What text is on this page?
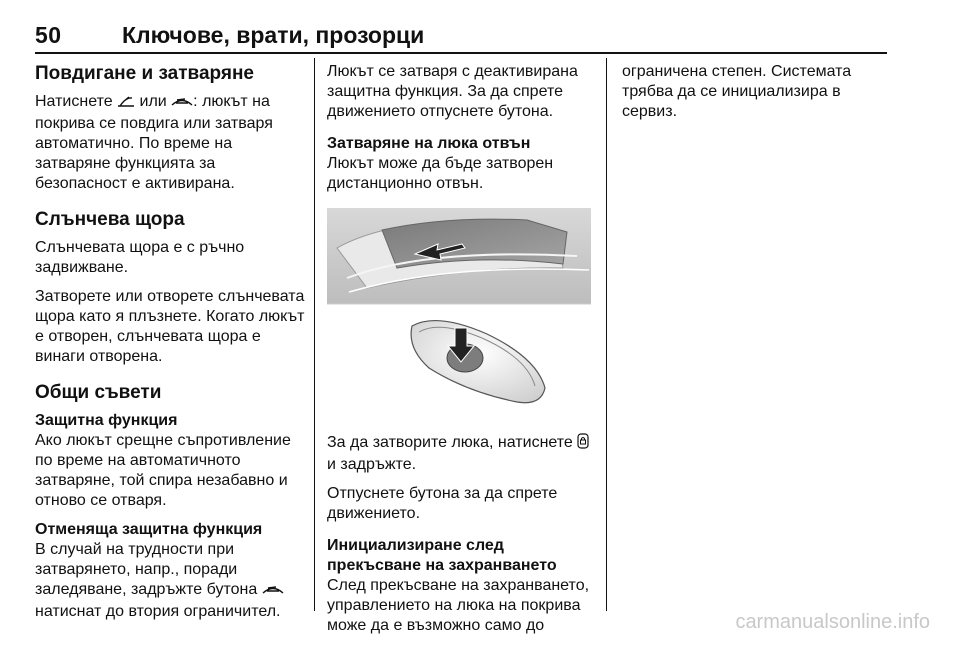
50	Ключове, врати, прозорци
Повдигане и затваряне

Натиснете  или : люкът на покрива се повдига или затваря автоматично. По време на затваряне функцията за безопасност е активирана.

Слънчева щора

Слънчевата щора е с ръчно задвижване.

Затворете или отворете слънчевата щора като я плъзнете. Когато люкът е отворен, слънчевата щора е винаги отворена.

Общи съвети
Защитна функция

Ако люкът срещне съпротивление по време на автоматичното затваряне, той спира незабавно и отново се отваря.

Отменяща защитна функция

В случай на трудности при затварянето, напр., поради заледяване, задръжте бутона  натиснат до втория ограничител.

Люкът се затваря с деактивирана защитна функция. За да спрете движението отпуснете бутона.

Затваряне на люка отвън

Люкът може да бъде затворен дистанционно отвън.

За да затворите люка, натиснете  и задръжте.

Отпуснете бутона за да спрете движението.

Инициализиране след прекъсване на захранването

След прекъсване на захранването, управлението на люка на покрива може да е възможно само до

ограничена степен. Системата трябва да се инициализира в сервиз.

carmanualsonline.info
